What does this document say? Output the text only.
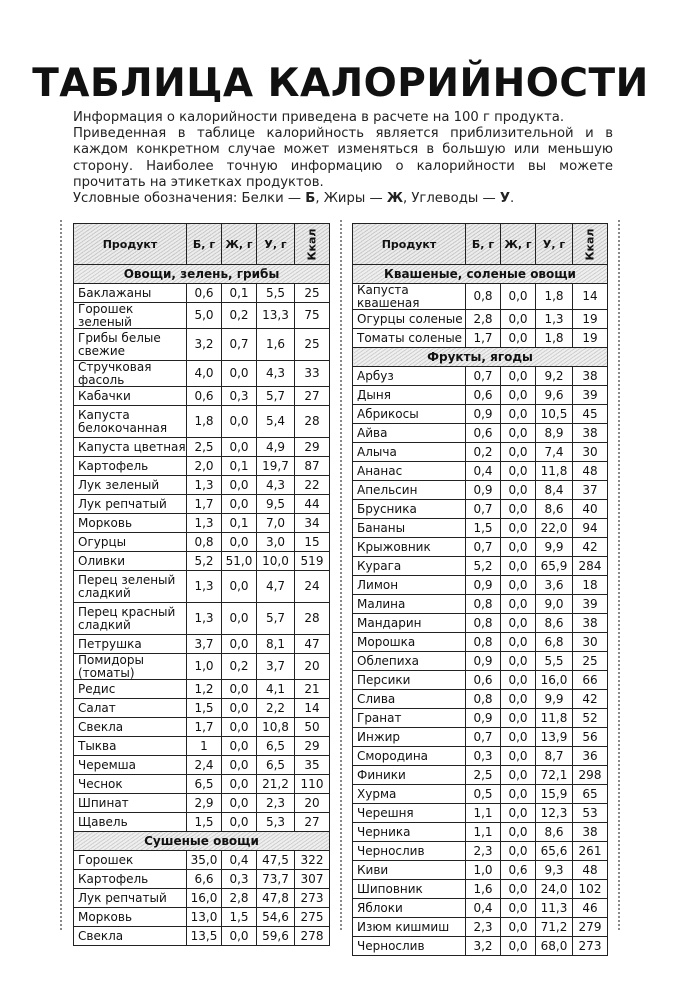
ТАБЛИЦА КАЛОРИЙНОСТИ

Информация о калорийности приведена в расчете на 100 г продукта.

Приведенная в таблице калорийность является приблизительной и в каждом конкретном случае может изменяться в большую или меньшую сторону. Наиболее точную информацию о калорийности вы можете прочитать на этикетках продуктов.

Условные обозначения: Белки — Б, Жиры — Ж, Углеводы — У.
Продукт	Б, г	Ж, г	У, г	Ккал
Овощи, зелень, грибы				
Баклажаны	0,6	0,1	5,5	25
Горошек зеленый	5,0	0,2	13,3	75
Грибы белые свежие	3,2	0,7	1,6	25
Стручковая фасоль	4,0	0,0	4,3	33
Кабачки	0,6	0,3	5,7	27
Капуста белокочанная	1,8	0,0	5,4	28
Капуста цветная	2,5	0,0	4,9	29
Картофель	2,0	0,1	19,7	87
Лук зеленый	1,3	0,0	4,3	22
Лук репчатый	1,7	0,0	9,5	44
Морковь	1,3	0,1	7,0	34
Огурцы	0,8	0,0	3,0	15
Оливки	5,2	51,0	10,0	519
Перец зеленый сладкий	1,3	0,0	4,7	24
Перец красный сладкий	1,3	0,0	5,7	28
Петрушка	3,7	0,0	8,1	47
Помидоры (томаты)	1,0	0,2	3,7	20
Редис	1,2	0,0	4,1	21
Салат	1,5	0,0	2,2	14
Свекла	1,7	0,0	10,8	50
Тыква	1	0,0	6,5	29
Черемша	2,4	0,0	6,5	35
Чеснок	6,5	0,0	21,2	110
Шпинат	2,9	0,0	2,3	20
Щавель	1,5	0,0	5,3	27
Сушеные овощи				
Горошек	35,0	0,4	47,5	322
Картофель	6,6	0,3	73,7	307
Лук репчатый	16,0	2,8	47,8	273
Морковь	13,0	1,5	54,6	275
Свекла	13,5	0,0	59,6	278
Продукт	Б, г	Ж, г	У, г	Ккал
Квашеные, соленые овощи				
Капуста квашеная	0,8	0,0	1,8	14
Огурцы соленые	2,8	0,0	1,3	19
Томаты соленые	1,7	0,0	1,8	19
Фрукты, ягоды				
Арбуз	0,7	0,0	9,2	38
Дыня	0,6	0,0	9,6	39
Абрикосы	0,9	0,0	10,5	45
Айва	0,6	0,0	8,9	38
Алыча	0,2	0,0	7,4	30
Ананас	0,4	0,0	11,8	48
Апельсин	0,9	0,0	8,4	37
Брусника	0,7	0,0	8,6	40
Бананы	1,5	0,0	22,0	94
Крыжовник	0,7	0,0	9,9	42
Курага	5,2	0,0	65,9	284
Лимон	0,9	0,0	3,6	18
Малина	0,8	0,0	9,0	39
Мандарин	0,8	0,0	8,6	38
Морошка	0,8	0,0	6,8	30
Облепиха	0,9	0,0	5,5	25
Персики	0,6	0,0	16,0	66
Слива	0,8	0,0	9,9	42
Гранат	0,9	0,0	11,8	52
Инжир	0,7	0,0	13,9	56
Смородина	0,3	0,0	8,7	36
Финики	2,5	0,0	72,1	298
Хурма	0,5	0,0	15,9	65
Черешня	1,1	0,0	12,3	53
Черника	1,1	0,0	8,6	38
Чернослив	2,3	0,0	65,6	261
Киви	1,0	0,6	9,3	48
Шиповник	1,6	0,0	24,0	102
Яблоки	0,4	0,0	11,3	46
Изюм кишмиш	2,3	0,0	71,2	279
Чернослив	3,2	0,0	68,0	273
